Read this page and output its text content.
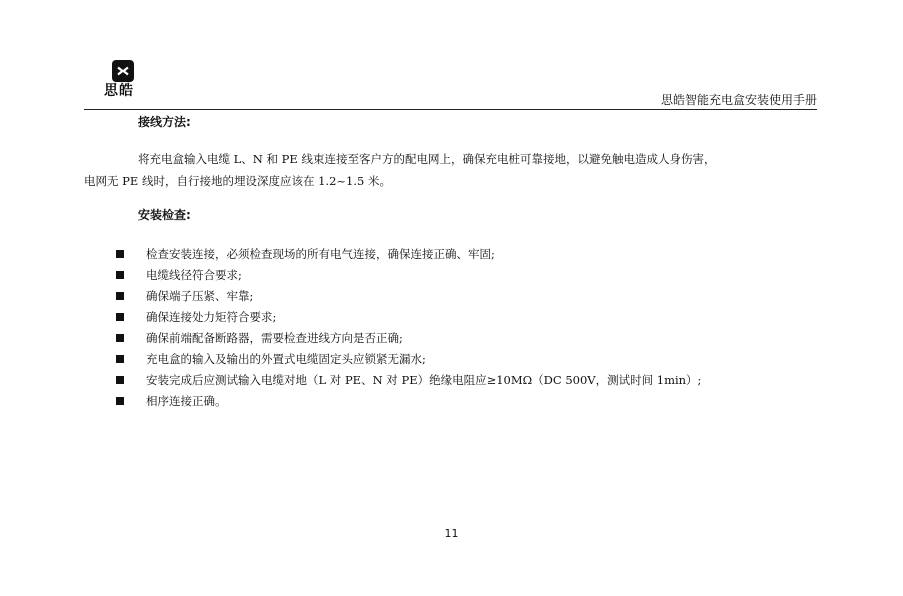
思皓
思皓智能充电盒安装使用手册
接线方法:

将充电盒输入电缆 L、N 和 PE 线束连接至客户方的配电网上，确保充电桩可靠接地，以避免触电造成人身伤害，

电网无 PE 线时，自行接地的埋设深度应该在 1.2~1.5 米。

安装检查:
检查安装连接，必须检查现场的所有电气连接，确保连接正确、牢固;
电缆线径符合要求;
确保端子压紧、牢靠;
确保连接处力矩符合要求;
确保前端配备断路器，需要检查进线方向是否正确;
充电盒的输入及输出的外置式电缆固定头应锁紧无漏水;
安装完成后应测试输入电缆对地（L 对 PE、N 对 PE）绝缘电阻应≥10MΩ（DC 500V，测试时间 1min）;
相序连接正确。
11
